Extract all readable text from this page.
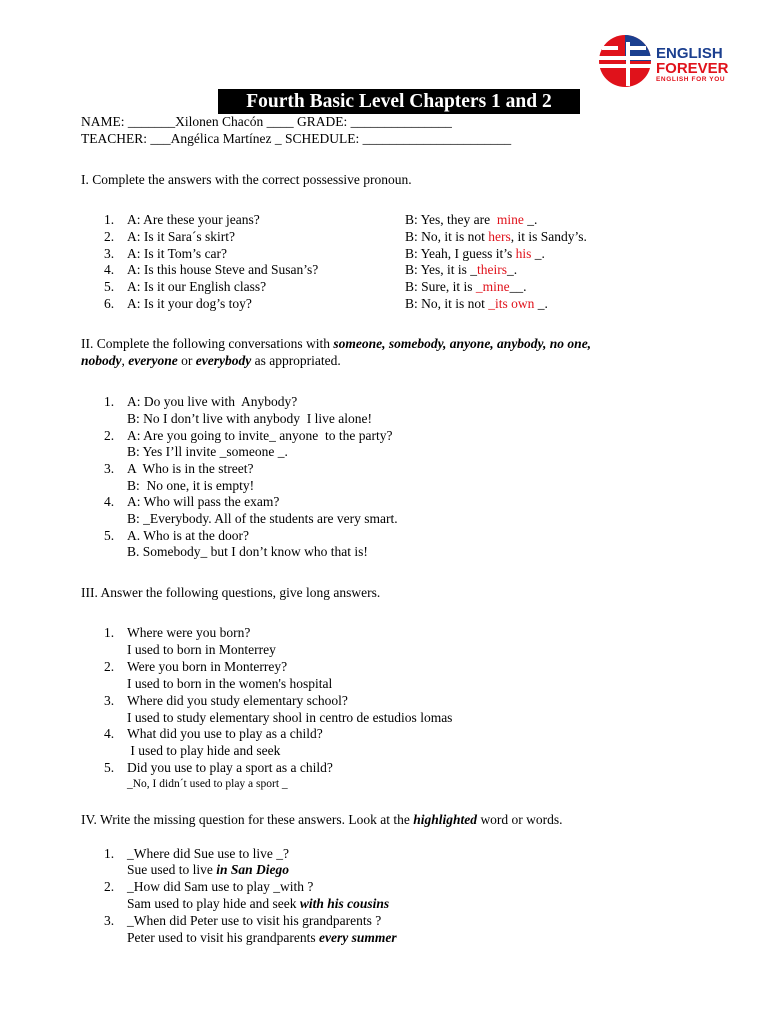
ENGLISH
FOREVER
ENGLISH FOR YOU
Fourth Basic Level Chapters 1 and 2
NAME: _______Xilonen Chacón ____ GRADE: _______________
TEACHER: ___Angélica Martínez _ SCHEDULE: ______________________
I. Complete the answers with the correct possessive pronoun.
1. A: Are these your jeans?	B: Yes, they are  mine _.
2. A: Is it Sara´s skirt?	B: No, it is not hers, it is Sandy’s.
3. A: Is it Tom’s car?	B: Yeah, I guess it’s his _.
4. A: Is this house Steve and Susan’s?	B: Yes, it is _theirs_.
5. A: Is it our English class?	B: Sure, it is _mine__.
6. A: Is it your dog’s toy?	B: No, it is not _its own _.
II. Complete the following conversations with someone, somebody, anyone, anybody, no one,
nobody, everyone or everybody as appropriated.
1. A: Do you live with  Anybody?
B: No I don’t live with anybody  I live alone!
2. A: Are you going to invite_ anyone  to the party?
B: Yes I’ll invite _someone _.
3. A  Who is in the street?
B:  No one, it is empty!
4. A: Who will pass the exam?
B: _Everybody. All of the students are very smart.
5. A. Who is at the door?
B. Somebody_ but I don’t know who that is!
III. Answer the following questions, give long answers.
1. Where were you born?
I used to born in Monterrey
2. Were you born in Monterrey?
I used to born in the women's hospital
3. Where did you study elementary school?
I used to study elementary shool in centro de estudios lomas
4. What did you use to play as a child?
I used to play hide and seek
5. Did you use to play a sport as a child?
_No, I didn´t used to play a sport _
IV. Write the missing question for these answers. Look at the highlighted word or words.
1. _Where did Sue use to live _?
Sue used to live in San Diego
2. _How did Sam use to play _with ?
Sam used to play hide and seek with his cousins
3. _When did Peter use to visit his grandparents ?
Peter used to visit his grandparents every summer
